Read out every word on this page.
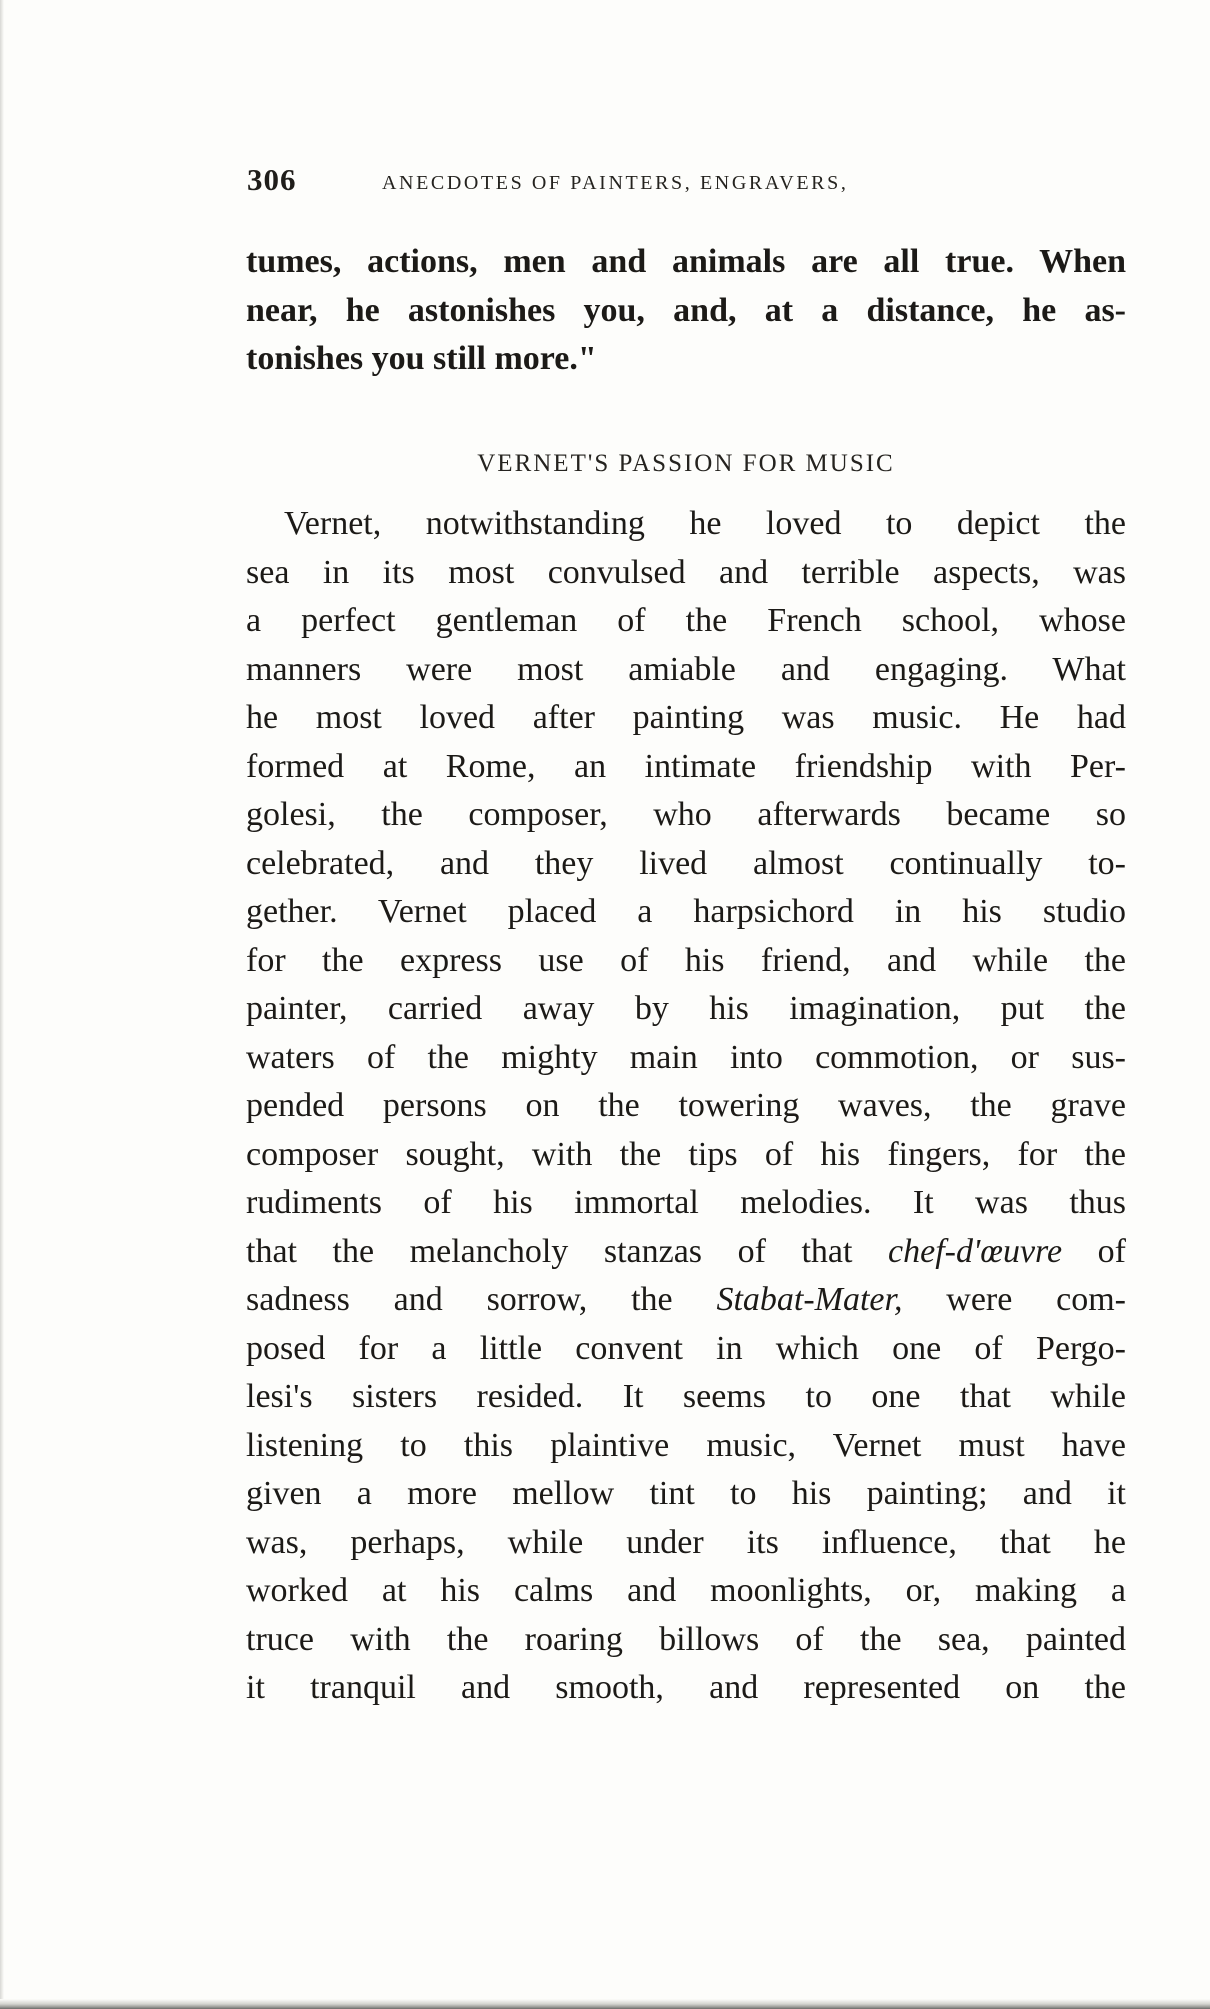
306	ANECDOTES OF PAINTERS, ENGRAVERS,
tumes, actions, men and animals are all true. When
near, he astonishes you, and, at a distance, he as-
tonishes you still more."
VERNET'S PASSION FOR MUSIC
Vernet, notwithstanding he loved to depict the
sea in its most convulsed and terrible aspects, was
a perfect gentleman of the French school, whose
manners were most amiable and engaging. What
he most loved after painting was music. He had
formed at Rome, an intimate friendship with Per-
golesi, the composer, who afterwards became so
celebrated, and they lived almost continually to-
gether. Vernet placed a harpsichord in his studio
for the express use of his friend, and while the
painter, carried away by his imagination, put the
waters of the mighty main into commotion, or sus-
pended persons on the towering waves, the grave
composer sought, with the tips of his fingers, for the
rudiments of his immortal melodies. It was thus
that the melancholy stanzas of that chef-d'œuvre of
sadness and sorrow, the Stabat-Mater, were com-
posed for a little convent in which one of Pergo-
lesi's sisters resided. It seems to one that while
listening to this plaintive music, Vernet must have
given a more mellow tint to his painting; and it
was, perhaps, while under its influence, that he
worked at his calms and moonlights, or, making a
truce with the roaring billows of the sea, painted
it tranquil and smooth, and represented on the
